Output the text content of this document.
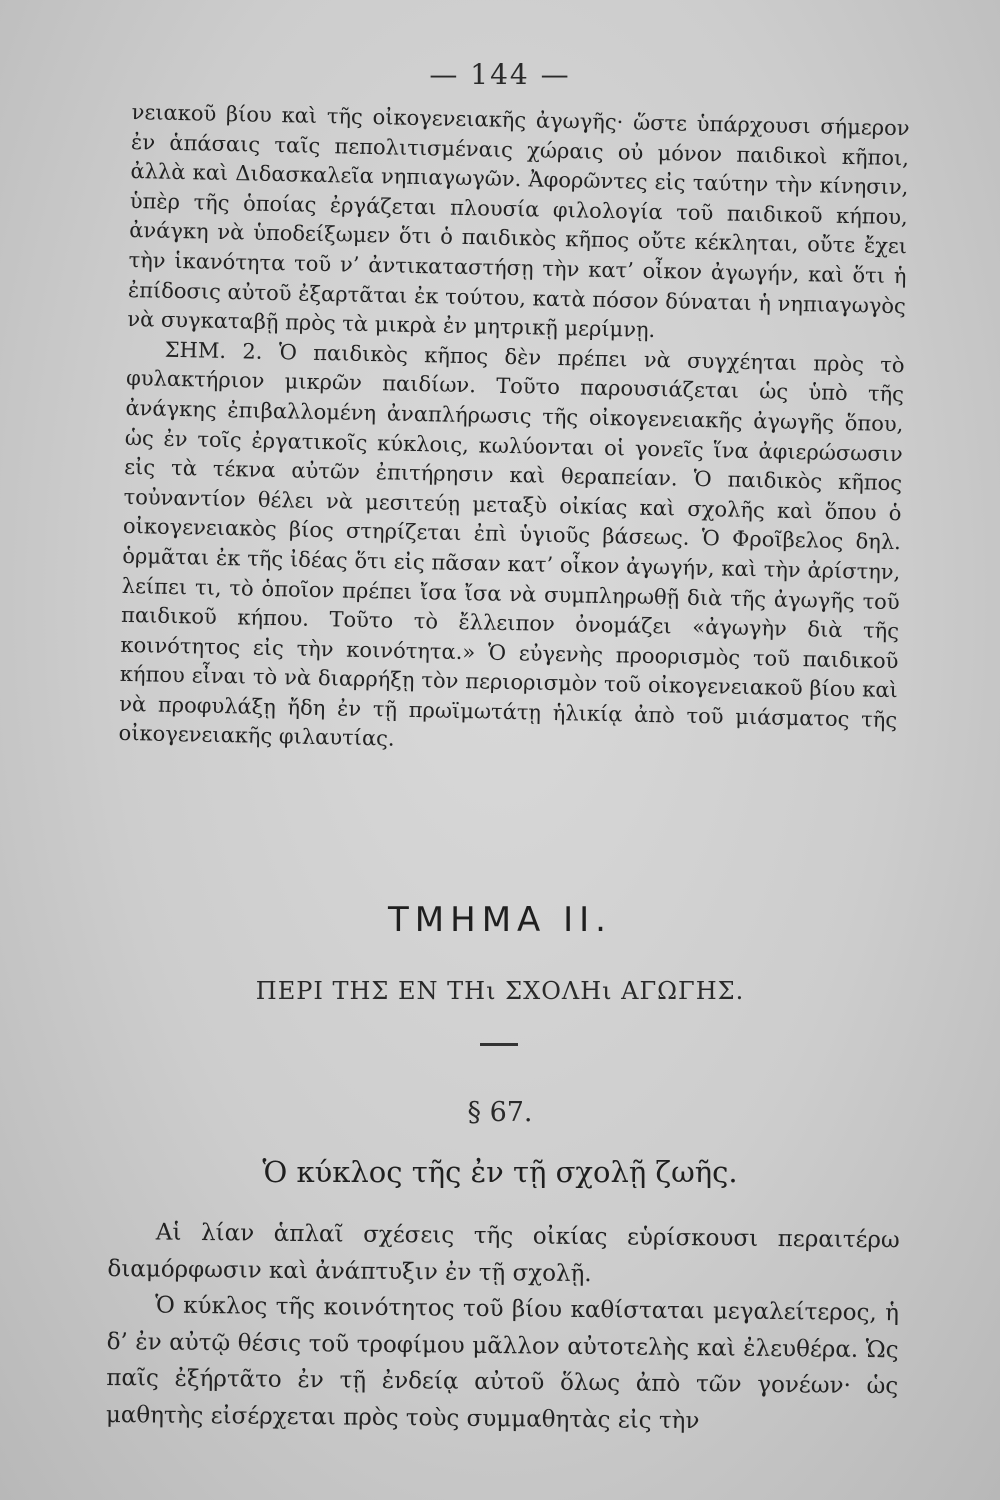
— 144 —

νειακοῦ βίου καὶ τῆς οἰκογενειακῆς ἀγωγῆς· ὥστε ὑπάρχουσι σήμερον ἐν ἁπάσαις ταῖς πεπολιτισμέναις χώραις οὐ μόνον παιδικοὶ κῆποι, ἀλλὰ καὶ Διδασκαλεῖα νηπιαγωγῶν. Ἀφορῶντες εἰς ταύτην τὴν κίνησιν, ὑπὲρ τῆς ὁποίας ἐργάζεται πλουσία φιλολογία τοῦ παιδικοῦ κήπου, ἀνάγκη νὰ ὑποδείξωμεν ὅτι ὁ παιδικὸς κῆπος οὔτε κέκληται, οὔτε ἔχει τὴν ἱκανότητα τοῦ ν’ ἀντικαταστήσῃ τὴν κατ’ οἶκον ἀγωγήν, καὶ ὅτι ἡ ἐπίδοσις αὐτοῦ ἐξαρτᾶται ἐκ τούτου, κατὰ πόσον δύναται ἡ νηπιαγωγὸς νὰ συγκαταβῇ πρὸς τὰ μικρὰ ἐν μητρικῇ μερίμνῃ.

ΣΗΜ. 2. Ὁ παιδικὸς κῆπος δὲν πρέπει νὰ συγχέηται πρὸς τὸ φυλακτήριον μικρῶν παιδίων. Τοῦτο παρουσιάζεται ὡς ὑπὸ τῆς ἀνάγκης ἐπιβαλλομένη ἀναπλήρωσις τῆς οἰκογενειακῆς ἀγωγῆς ὅπου, ὡς ἐν τοῖς ἐργατικοῖς κύκλοις, κωλύονται οἱ γονεῖς ἵνα ἀφιερώσωσιν εἰς τὰ τέκνα αὐτῶν ἐπιτήρησιν καὶ θεραπείαν. Ὁ παιδικὸς κῆπος τοὐναντίον θέλει νὰ μεσιτεύῃ μεταξὺ οἰκίας καὶ σχολῆς καὶ ὅπου ὁ οἰκογενειακὸς βίος στηρίζεται ἐπὶ ὑγιοῦς βάσεως. Ὁ Φροῖβελος δηλ. ὁρμᾶται ἐκ τῆς ἰδέας ὅτι εἰς πᾶσαν κατ’ οἶκον ἀγωγήν, καὶ τὴν ἀρίστην, λείπει τι, τὸ ὁποῖον πρέπει ἴσα ἴσα νὰ συμπληρωθῇ διὰ τῆς ἀγωγῆς τοῦ παιδικοῦ κήπου. Τοῦτο τὸ ἔλλειπον ὀνομάζει «ἀγωγὴν διὰ τῆς κοινότητος εἰς τὴν κοινότητα.» Ὁ εὐγενὴς προορισμὸς τοῦ παιδικοῦ κήπου εἶναι τὸ νὰ διαρρήξῃ τὸν περιορισμὸν τοῦ οἰκογενειακοῦ βίου καὶ νὰ προφυλάξῃ ἤδη ἐν τῇ πρωϊμωτάτῃ ἡλικίᾳ ἀπὸ τοῦ μιάσματος τῆς οἰκογενειακῆς φιλαυτίας.

ΤΜΗΜΑ ΙΙ.
ΠΕΡΙ ΤΗΣ ΕΝ ΤΗι ΣΧΟΛΗι ΑΓΩΓΗΣ.
§ 67.
Ὁ κύκλος τῆς ἐν τῇ σχολῇ ζωῆς.

Αἱ λίαν ἁπλαῖ σχέσεις τῆς οἰκίας εὑρίσκουσι περαιτέρω διαμόρφωσιν καὶ ἀνάπτυξιν ἐν τῇ σχολῇ.

Ὁ κύκλος τῆς κοινότητος τοῦ βίου καθίσταται μεγαλείτερος, ἡ δ’ ἐν αὐτῷ θέσις τοῦ τροφίμου μᾶλλον αὐτοτελὴς καὶ ἐλευθέρα. Ὡς παῖς ἐξήρτᾶτο ἐν τῇ ἐνδείᾳ αὐτοῦ ὅλως ἀπὸ τῶν γονέων· ὡς μαθητὴς εἰσέρχεται πρὸς τοὺς συμμαθητὰς εἰς τὴν
